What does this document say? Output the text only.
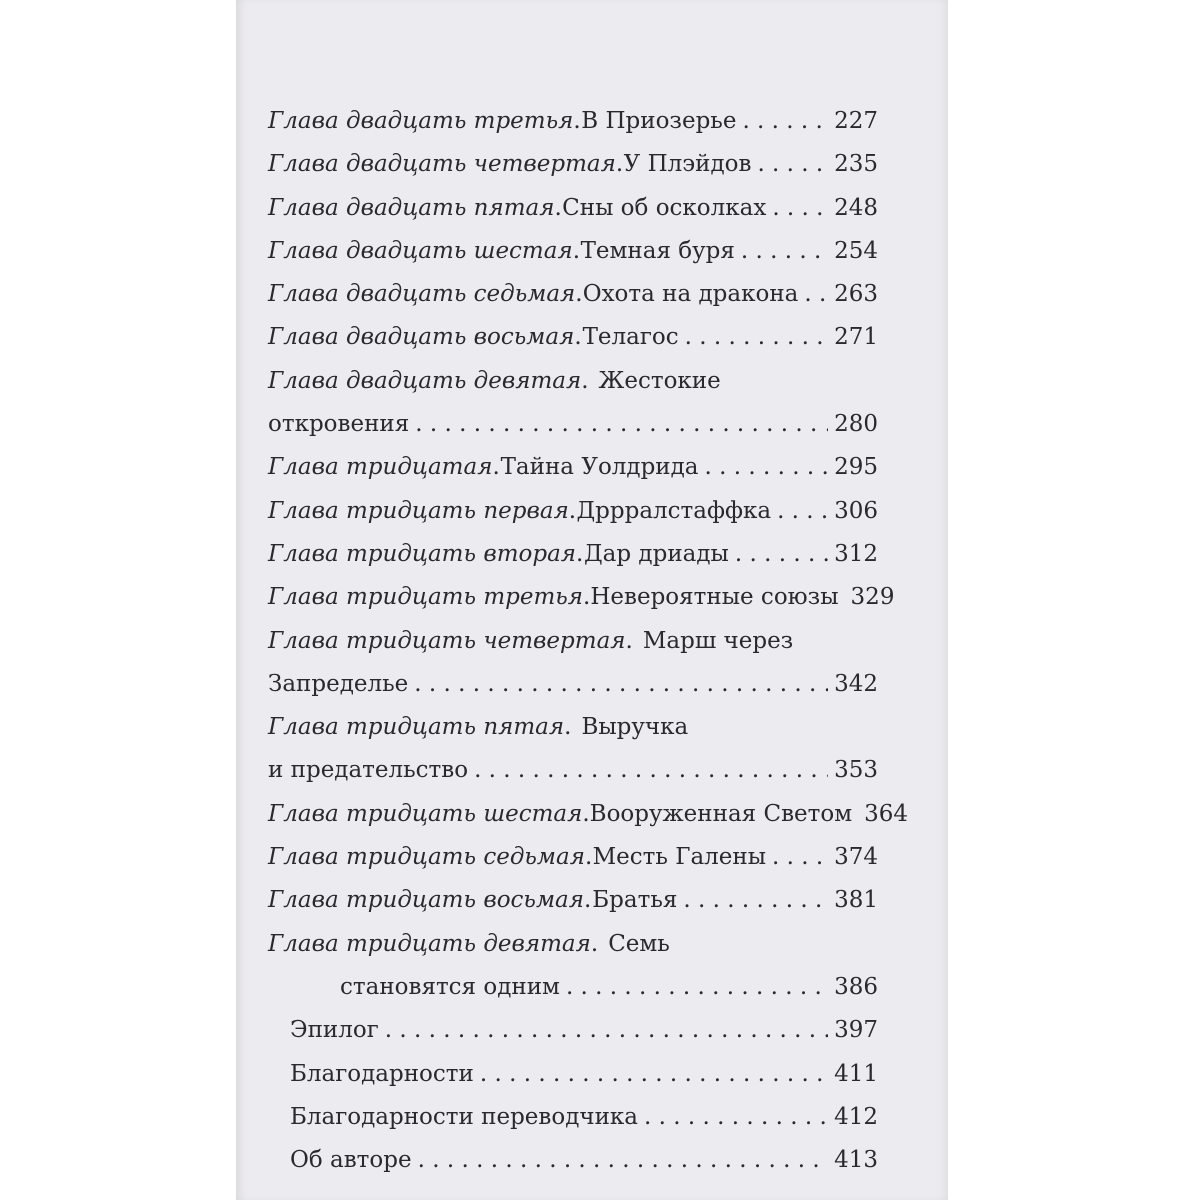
Глава двадцать третья . В Приозерье . . .	227
Глава двадцать четвертая . У Плэйдов . . .	235
Глава двадцать пятая . Сны об осколках . . .	248
Глава двадцать шестая . Темная буря . . .	254
Глава двадцать седьмая . Охота на дракона . . . 263
Глава двадцать восьмая . Телагос . . .	271
Глава двадцать девятая . Жестокие
откровения . . .	280
Глава тридцатая . Тайна Уолдрида . . .	295
Глава тридцать первая . Дррралстаффка . . .	306
Глава тридцать вторая . Дар дриады . . .	312
Глава тридцать третья . Невероятные союзы 329
Глава тридцать четвертая . Марш через
Запределье . . .	342
Глава тридцать пятая . Выручка
и предательство . . .	353
Глава тридцать шестая . Вооруженная Светом 364
Глава тридцать седьмая . Месть Галены . . .	374
Глава тридцать восьмая . Братья . . .	381
Глава тридцать девятая . Семь
становятся одним . . .	386
Эпилог . . .	397
Благодарности . . .	411
Благодарности переводчика . . .	412
Об авторе . . .	413
